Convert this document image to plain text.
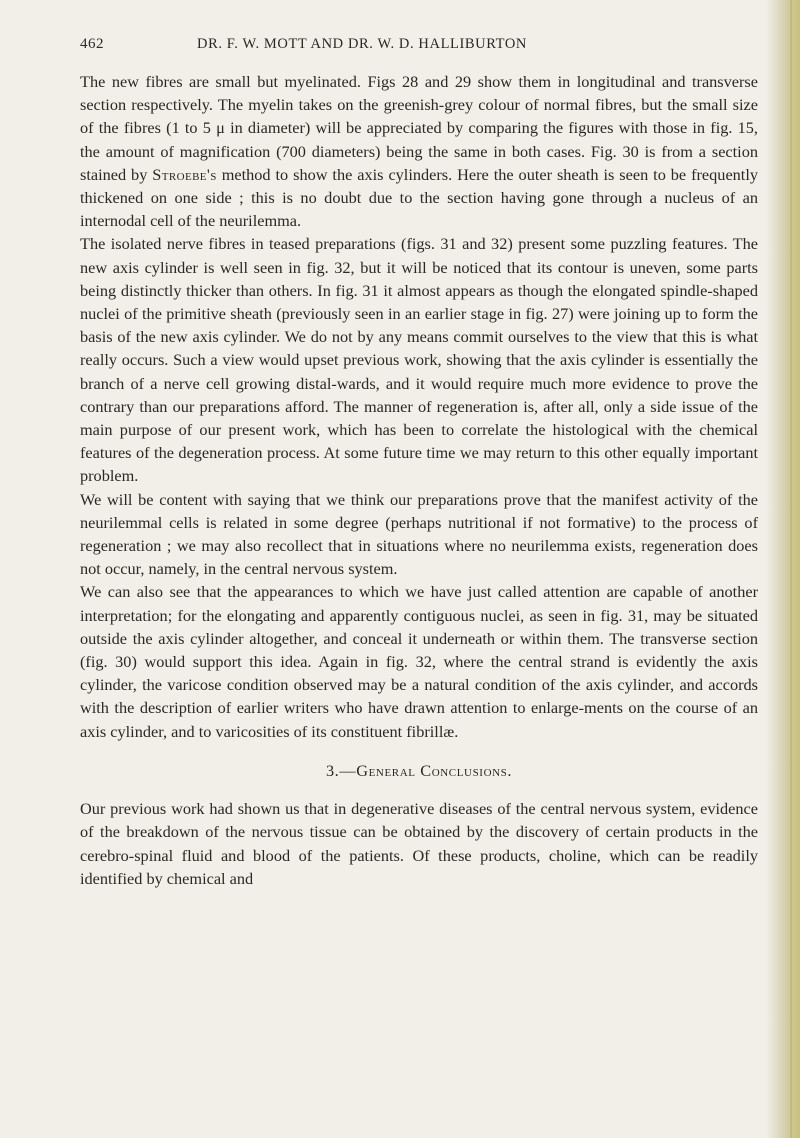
462	DR. F. W. MOTT AND DR. W. D. HALLIBURTON

The new fibres are small but myelinated. Figs 28 and 29 show them in longitudinal and transverse section respectively. The myelin takes on the greenish-grey colour of normal fibres, but the small size of the fibres (1 to 5 μ in diameter) will be appreciated by comparing the figures with those in fig. 15, the amount of magnification (700 diameters) being the same in both cases. Fig. 30 is from a section stained by Stroebe's method to show the axis cylinders. Here the outer sheath is seen to be frequently thickened on one side ; this is no doubt due to the section having gone through a nucleus of an internodal cell of the neurilemma.

The isolated nerve fibres in teased preparations (figs. 31 and 32) present some puzzling features. The new axis cylinder is well seen in fig. 32, but it will be noticed that its contour is uneven, some parts being distinctly thicker than others. In fig. 31 it almost appears as though the elongated spindle-shaped nuclei of the primitive sheath (previously seen in an earlier stage in fig. 27) were joining up to form the basis of the new axis cylinder. We do not by any means commit ourselves to the view that this is what really occurs. Such a view would upset previous work, showing that the axis cylinder is essentially the branch of a nerve cell growing distal-wards, and it would require much more evidence to prove the contrary than our preparations afford. The manner of regeneration is, after all, only a side issue of the main purpose of our present work, which has been to correlate the histological with the chemical features of the degeneration process. At some future time we may return to this other equally important problem.

We will be content with saying that we think our preparations prove that the manifest activity of the neurilemmal cells is related in some degree (perhaps nutritional if not formative) to the process of regeneration ; we may also recollect that in situations where no neurilemma exists, regeneration does not occur, namely, in the central nervous system.

We can also see that the appearances to which we have just called attention are capable of another interpretation; for the elongating and apparently contiguous nuclei, as seen in fig. 31, may be situated outside the axis cylinder altogether, and conceal it underneath or within them. The transverse section (fig. 30) would support this idea. Again in fig. 32, where the central strand is evidently the axis cylinder, the varicose condition observed may be a natural condition of the axis cylinder, and accords with the description of earlier writers who have drawn attention to enlarge-ments on the course of an axis cylinder, and to varicosities of its constituent fibrillæ.

3.—General Conclusions.

Our previous work had shown us that in degenerative diseases of the central nervous system, evidence of the breakdown of the nervous tissue can be obtained by the discovery of certain products in the cerebro-spinal fluid and blood of the patients. Of these products, choline, which can be readily identified by chemical and
